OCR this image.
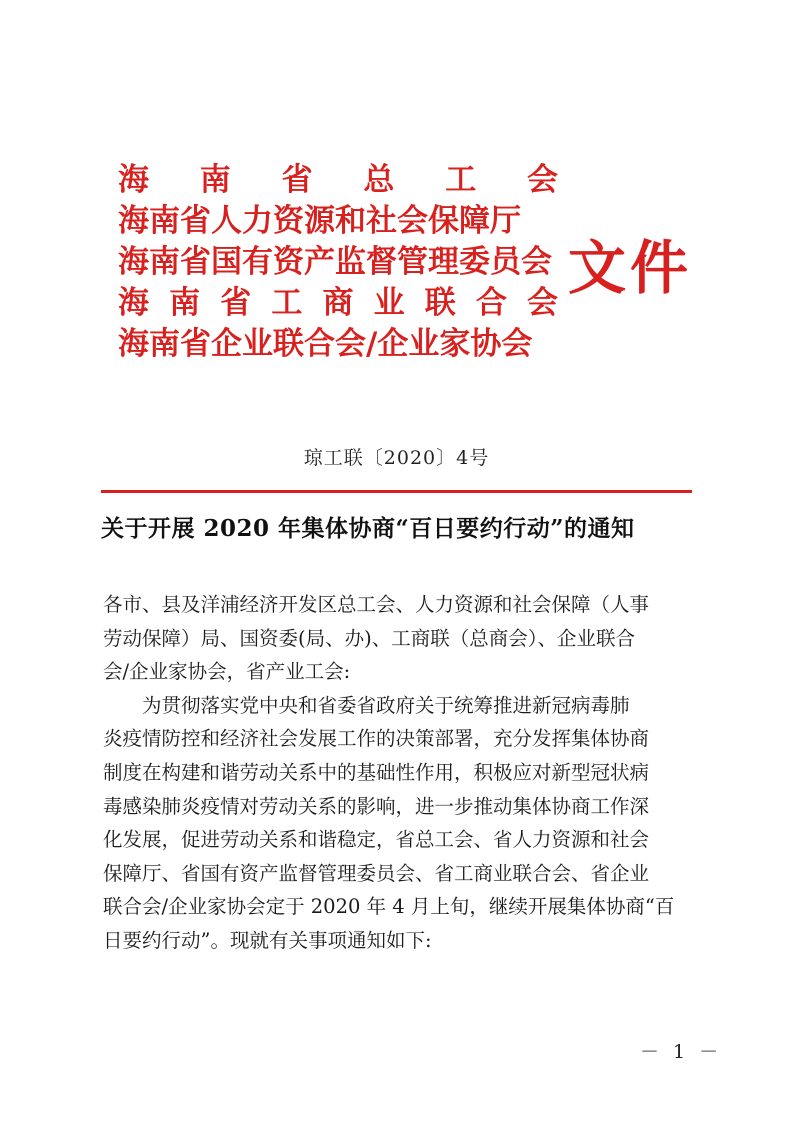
海 南 省 总 工 会
海南省人力资源和社会保障厅
海南省国有资产监督管理委员会
海 南 省 工 商 业 联 合 会
海南省企业联合会/企业家协会
文件
琼工联〔2020〕4号
关于开展 2020 年集体协商“百日要约行动”的通知
各市、县及洋浦经济开发区总工会、人力资源和社会保障（人事
劳动保障）局、国资委(局、办)、工商联（总商会）、企业联合
会/企业家协会，省产业工会:
　　为贯彻落实党中央和省委省政府关于统筹推进新冠病毒肺
炎疫情防控和经济社会发展工作的决策部署，充分发挥集体协商
制度在构建和谐劳动关系中的基础性作用，积极应对新型冠状病
毒感染肺炎疫情对劳动关系的影响，进一步推动集体协商工作深
化发展，促进劳动关系和谐稳定，省总工会、省人力资源和社会
保障厅、省国有资产监督管理委员会、省工商业联合会、省企业
联合会/企业家协会定于 2020 年 4 月上旬，继续开展集体协商“百
日要约行动”。现就有关事项通知如下:
－ 1 －
